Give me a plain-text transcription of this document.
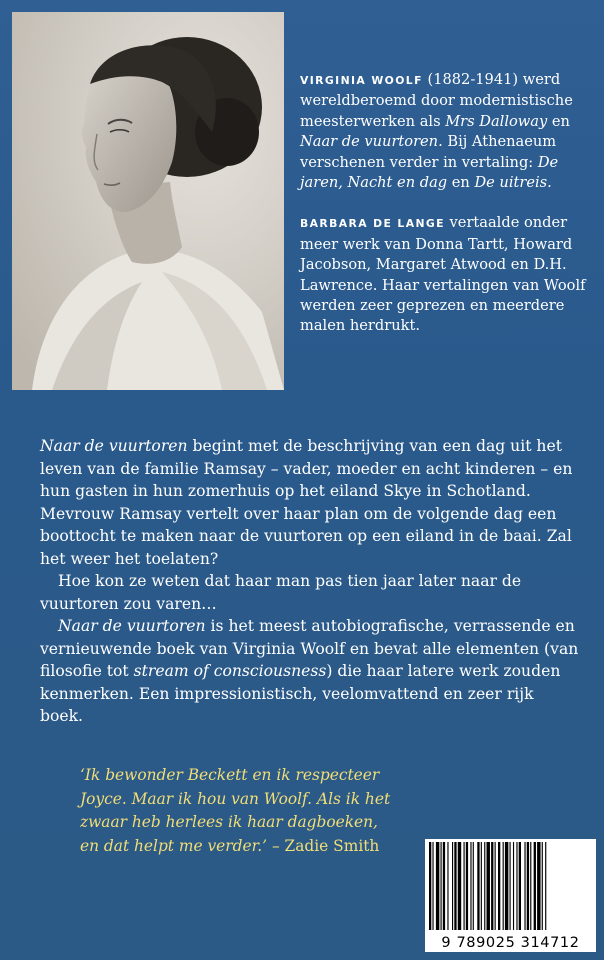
VIRGINIA WOOLF (1882-1941) werd wereldberoemd door modernistische meesterwerken als Mrs Dalloway en Naar de vuurtoren. Bij Athenaeum verschenen verder in vertaling: De jaren, Nacht en dag en De uitreis.

BARBARA DE LANGE vertaalde onder meer werk van Donna Tartt, Howard Jacobson, Margaret Atwood en D.H. Lawrence. Haar vertalingen van Woolf werden zeer geprezen en meerdere malen herdrukt.

Naar de vuurtoren begint met de beschrijving van een dag uit het leven van de familie Ramsay – vader, moeder en acht kinderen – en hun gasten in hun zomerhuis op het eiland Skye in Schotland. Mevrouw Ramsay vertelt over haar plan om de volgende dag een boottocht te maken naar de vuurtoren op een eiland in de baai. Zal het weer het toelaten?

Hoe kon ze weten dat haar man pas tien jaar later naar de vuurtoren zou varen…

Naar de vuurtoren is het meest autobiografische, verrassende en vernieuwende boek van Virginia Woolf en bevat alle elementen (van filosofie tot stream of consciousness) die haar latere werk zouden kenmerken. Een impressionistisch, veelomvattend en zeer rijk boek.

‘Ik bewonder Beckett en ik respecteer Joyce. Maar ik hou van Woolf. Als ik het zwaar heb herlees ik haar dagboeken, en dat helpt me verder.’ – Zadie Smith
9 789025 314712
